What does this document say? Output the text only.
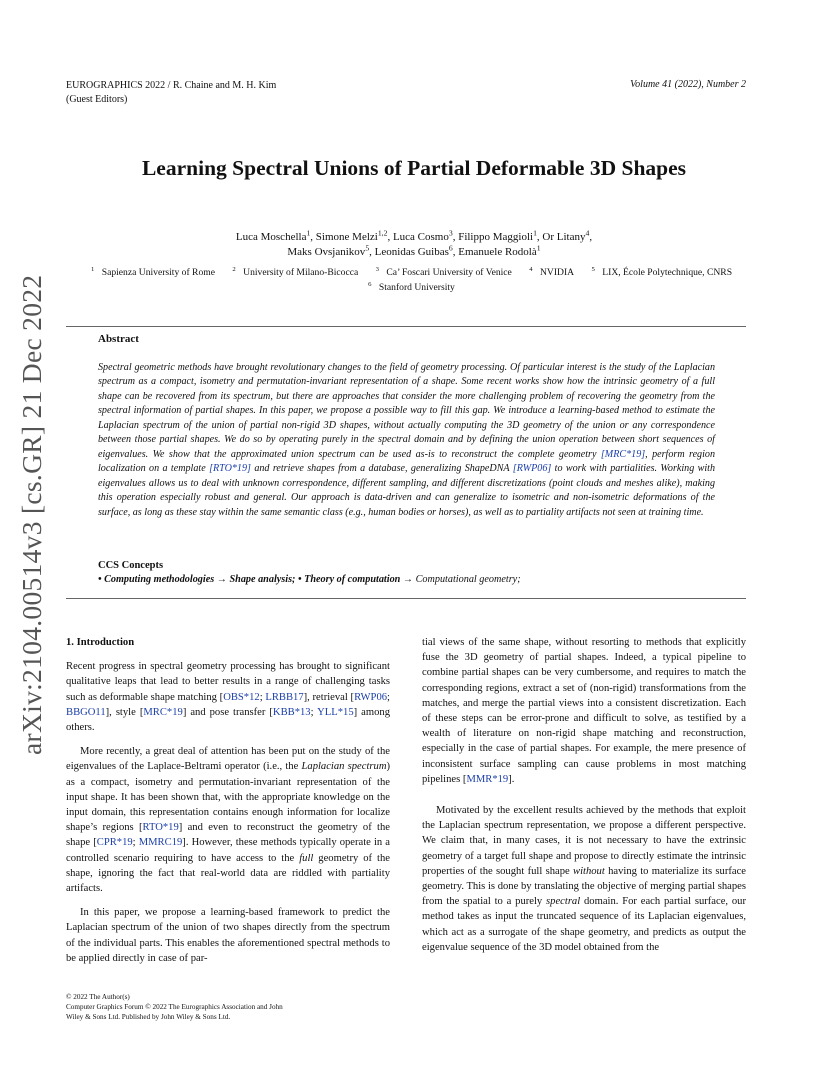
arXiv:2104.00514v3 [cs.GR] 21 Dec 2022
EUROGRAPHICS 2022 / R. Chaine and M. H. Kim
(Guest Editors)
Volume 41 (2022), Number 2
Learning Spectral Unions of Partial Deformable 3D Shapes
Luca Moschella$^1$, Simone Melzi$^{1,2}$, Luca Cosmo$^3$, Filippo Maggioli$^1$, Or Litany$^4$,
Maks Ovsjanikov$^5$, Leonidas Guibas$^6$, Emanuele Rodolà$^1$
$^1$ Sapienza University of Rome	$^2$ University of Milano-Bicocca	$^3$ Ca’ Foscari University of Venice	$^4$ NVIDIA	$^5$ LIX, École Polytechnique, CNRS
$^6$ Stanford University
Abstract
Spectral geometric methods have brought revolutionary changes to the field of geometry processing. Of particular interest is the study of the Laplacian spectrum as a compact, isometry and permutation-invariant representation of a shape. Some recent works show how the intrinsic geometry of a full shape can be recovered from its spectrum, but there are approaches that consider the more challenging problem of recovering the geometry from the spectral information of partial shapes. In this paper, we propose a possible way to fill this gap. We introduce a learning-based method to estimate the Laplacian spectrum of the union of partial non-rigid 3D shapes, without actually computing the 3D geometry of the union or any correspondence between those partial shapes. We do so by operating purely in the spectral domain and by defining the union operation between short sequences of eigenvalues. We show that the approximated union spectrum can be used as-is to reconstruct the complete geometry [MRC*19], perform region localization on a template [RTO*19] and retrieve shapes from a database, generalizing ShapeDNA [RWP06] to work with partialities. Working with eigenvalues allows us to deal with unknown correspondence, different sampling, and different discretizations (point clouds and meshes alike), making this operation especially robust and general. Our approach is data-driven and can generalize to isometric and non-isometric deformations of the surface, as long as these stay within the same semantic class (e.g., human bodies or horses), as well as to partiality artifacts not seen at training time.
CCS Concepts
• Computing methodologies → Shape analysis; • Theory of computation → Computational geometry;
1. Introduction

Recent progress in spectral geometry processing has brought to significant qualitative leaps that lead to better results in a range of challenging tasks such as deformable shape matching [OBS*12; LRBB17], retrieval [RWP06; BBGO11], style [MRC*19] and pose transfer [KBB*13; YLL*15] among others.

More recently, a great deal of attention has been put on the study of the eigenvalues of the Laplace-Beltrami operator (i.e., the Laplacian spectrum) as a compact, isometry and permutation-invariant representation of the input shape. It has been shown that, with the appropriate knowledge on the input domain, this representation contains enough information for localize shape’s regions [RTO*19] and even to reconstruct the geometry of the shape [CPR*19; MMRC19]. However, these methods typically operate in a controlled scenario requiring to have access to the full geometry of the shape, ignoring the fact that real-world data are riddled with partiality artifacts.

In this paper, we propose a learning-based framework to predict the Laplacian spectrum of the union of two shapes directly from the spectrum of the individual parts. This enables the aforementioned spectral methods to be applied directly in case of par-

tial views of the same shape, without resorting to methods that explicitly fuse the 3D geometry of partial shapes. Indeed, a typical pipeline to combine partial shapes can be very cumbersome, and requires to match the corresponding regions, extract a set of (non-rigid) transformations from the matches, and merge the partial views into a consistent discretization. Each of these steps can be error-prone and difficult to solve, as testified by a wealth of literature on non-rigid shape matching and reconstruction, especially in the case of partial shapes. For example, the mere presence of inconsistent surface sampling can cause problems in most matching pipelines [MMR*19].

Motivated by the excellent results achieved by the methods that exploit the Laplacian spectrum representation, we propose a different perspective. We claim that, in many cases, it is not necessary to have the extrinsic geometry of a target full shape and propose to directly estimate the intrinsic properties of the sought full shape without having to materialize its surface geometry. This is done by translating the objective of merging partial shapes from the spatial to a purely spectral domain. For each partial surface, our method takes as input the truncated sequence of its Laplacian eigenvalues, which act as a surrogate of the shape geometry, and predicts as output the eigenvalue sequence of the 3D model obtained from the

© 2022 The Author(s)
Computer Graphics Forum © 2022 The Eurographics Association and John
Wiley & Sons Ltd. Published by John Wiley & Sons Ltd.
